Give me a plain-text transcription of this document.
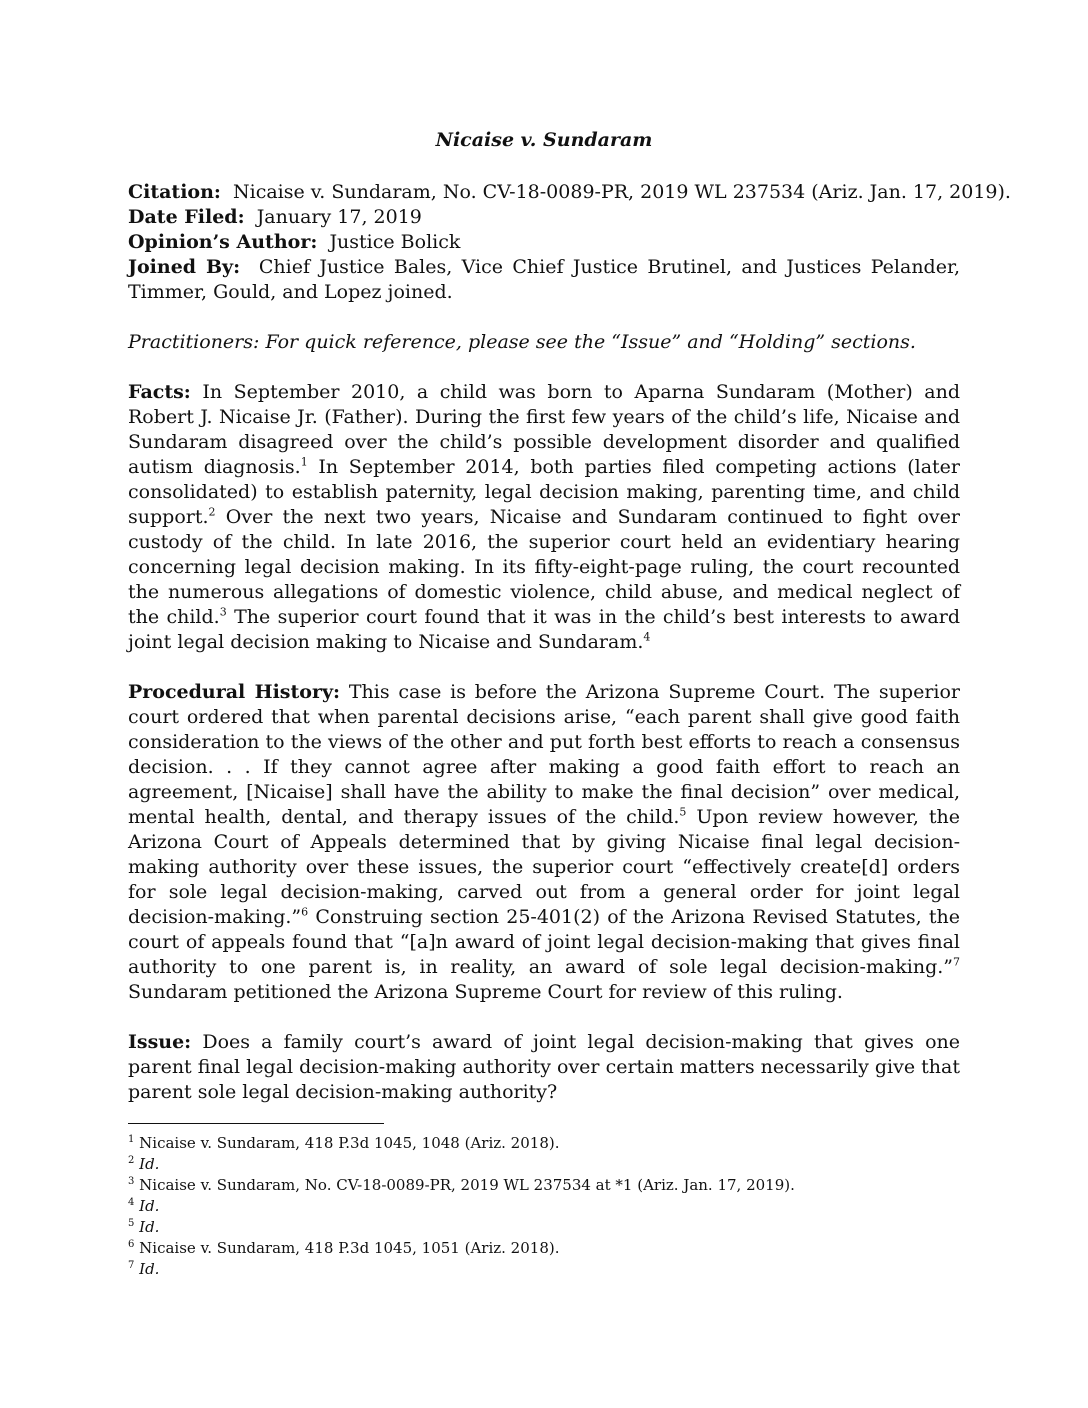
Nicaise v. Sundaram
Citation: Nicaise v. Sundaram, No. CV-18-0089-PR, 2019 WL 237534 (Ariz. Jan. 17, 2019).
Date Filed: January 17, 2019
Opinion’s Author: Justice Bolick
Joined By: Chief Justice Bales, Vice Chief Justice Brutinel, and Justices Pelander, Timmer, Gould, and Lopez joined.
Practitioners: For quick reference, please see the “Issue” and “Holding” sections.

Facts: In September 2010, a child was born to Aparna Sundaram (Mother) and Robert J. Nicaise Jr. (Father). During the first few years of the child’s life, Nicaise and Sundaram disagreed over the child’s possible development disorder and qualified autism diagnosis.$^1$ In September 2014, both parties filed competing actions (later consolidated) to establish paternity, legal decision making, parenting time, and child support.$^2$ Over the next two years, Nicaise and Sundaram continued to fight over custody of the child. In late 2016, the superior court held an evidentiary hearing concerning legal decision making. In its fifty-eight-page ruling, the court recounted the numerous allegations of domestic violence, child abuse, and medical neglect of the child.$^3$ The superior court found that it was in the child’s best interests to award joint legal decision making to Nicaise and Sundaram.$^4$

Procedural History: This case is before the Arizona Supreme Court. The superior court ordered that when parental decisions arise, “each parent shall give good faith consideration to the views of the other and put forth best efforts to reach a consensus decision. . . If they cannot agree after making a good faith effort to reach an agreement, [Nicaise] shall have the ability to make the final decision” over medical, mental health, dental, and therapy issues of the child.$^5$ Upon review however, the Arizona Court of Appeals determined that by giving Nicaise final legal decision-making authority over these issues, the superior court “effectively create[d] orders for sole legal decision-making, carved out from a general order for joint legal decision-making.”$^6$ Construing section 25-401(2) of the Arizona Revised Statutes, the court of appeals found that “[a]n award of joint legal decision-making that gives final authority to one parent is, in reality, an award of sole legal decision-making.”$^7$ Sundaram petitioned the Arizona Supreme Court for review of this ruling.

Issue: Does a family court’s award of joint legal decision-making that gives one parent final legal decision-making authority over certain matters necessarily give that parent sole legal decision-making authority?

$^1$ Nicaise v. Sundaram, 418 P.3d 1045, 1048 (Ariz. 2018).
$^2$ Id.
$^3$ Nicaise v. Sundaram, No. CV-18-0089-PR, 2019 WL 237534 at *1 (Ariz. Jan. 17, 2019).
$^4$ Id.
$^5$ Id.
$^6$ Nicaise v. Sundaram, 418 P.3d 1045, 1051 (Ariz. 2018).
$^7$ Id.
